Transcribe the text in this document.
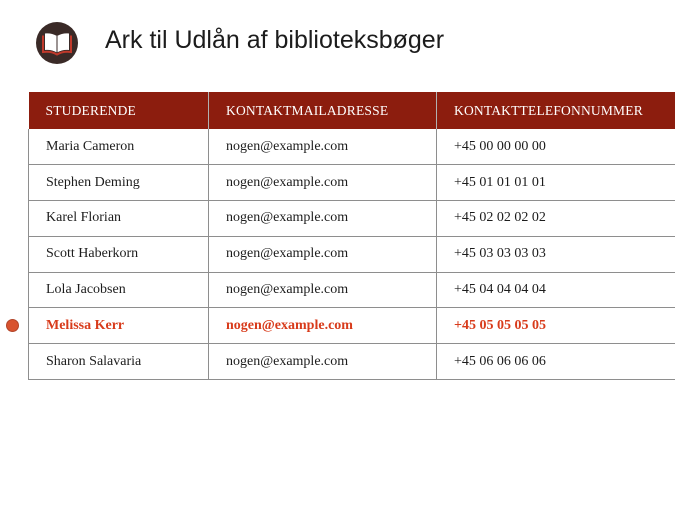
Ark til Udlån af biblioteksbøger
STUDERENDE	KONTAKTMAILADRESSE	KONTAKTTELEFONNUMMER
Maria Cameron	nogen@example.com	+45 00 00 00 00
Stephen Deming	nogen@example.com	+45 01 01 01 01
Karel Florian	nogen@example.com	+45 02 02 02 02
Scott Haberkorn	nogen@example.com	+45 03 03 03 03
Lola Jacobsen	nogen@example.com	+45 04 04 04 04
Melissa Kerr	nogen@example.com	+45 05 05 05 05
Sharon Salavaria	nogen@example.com	+45 06 06 06 06
